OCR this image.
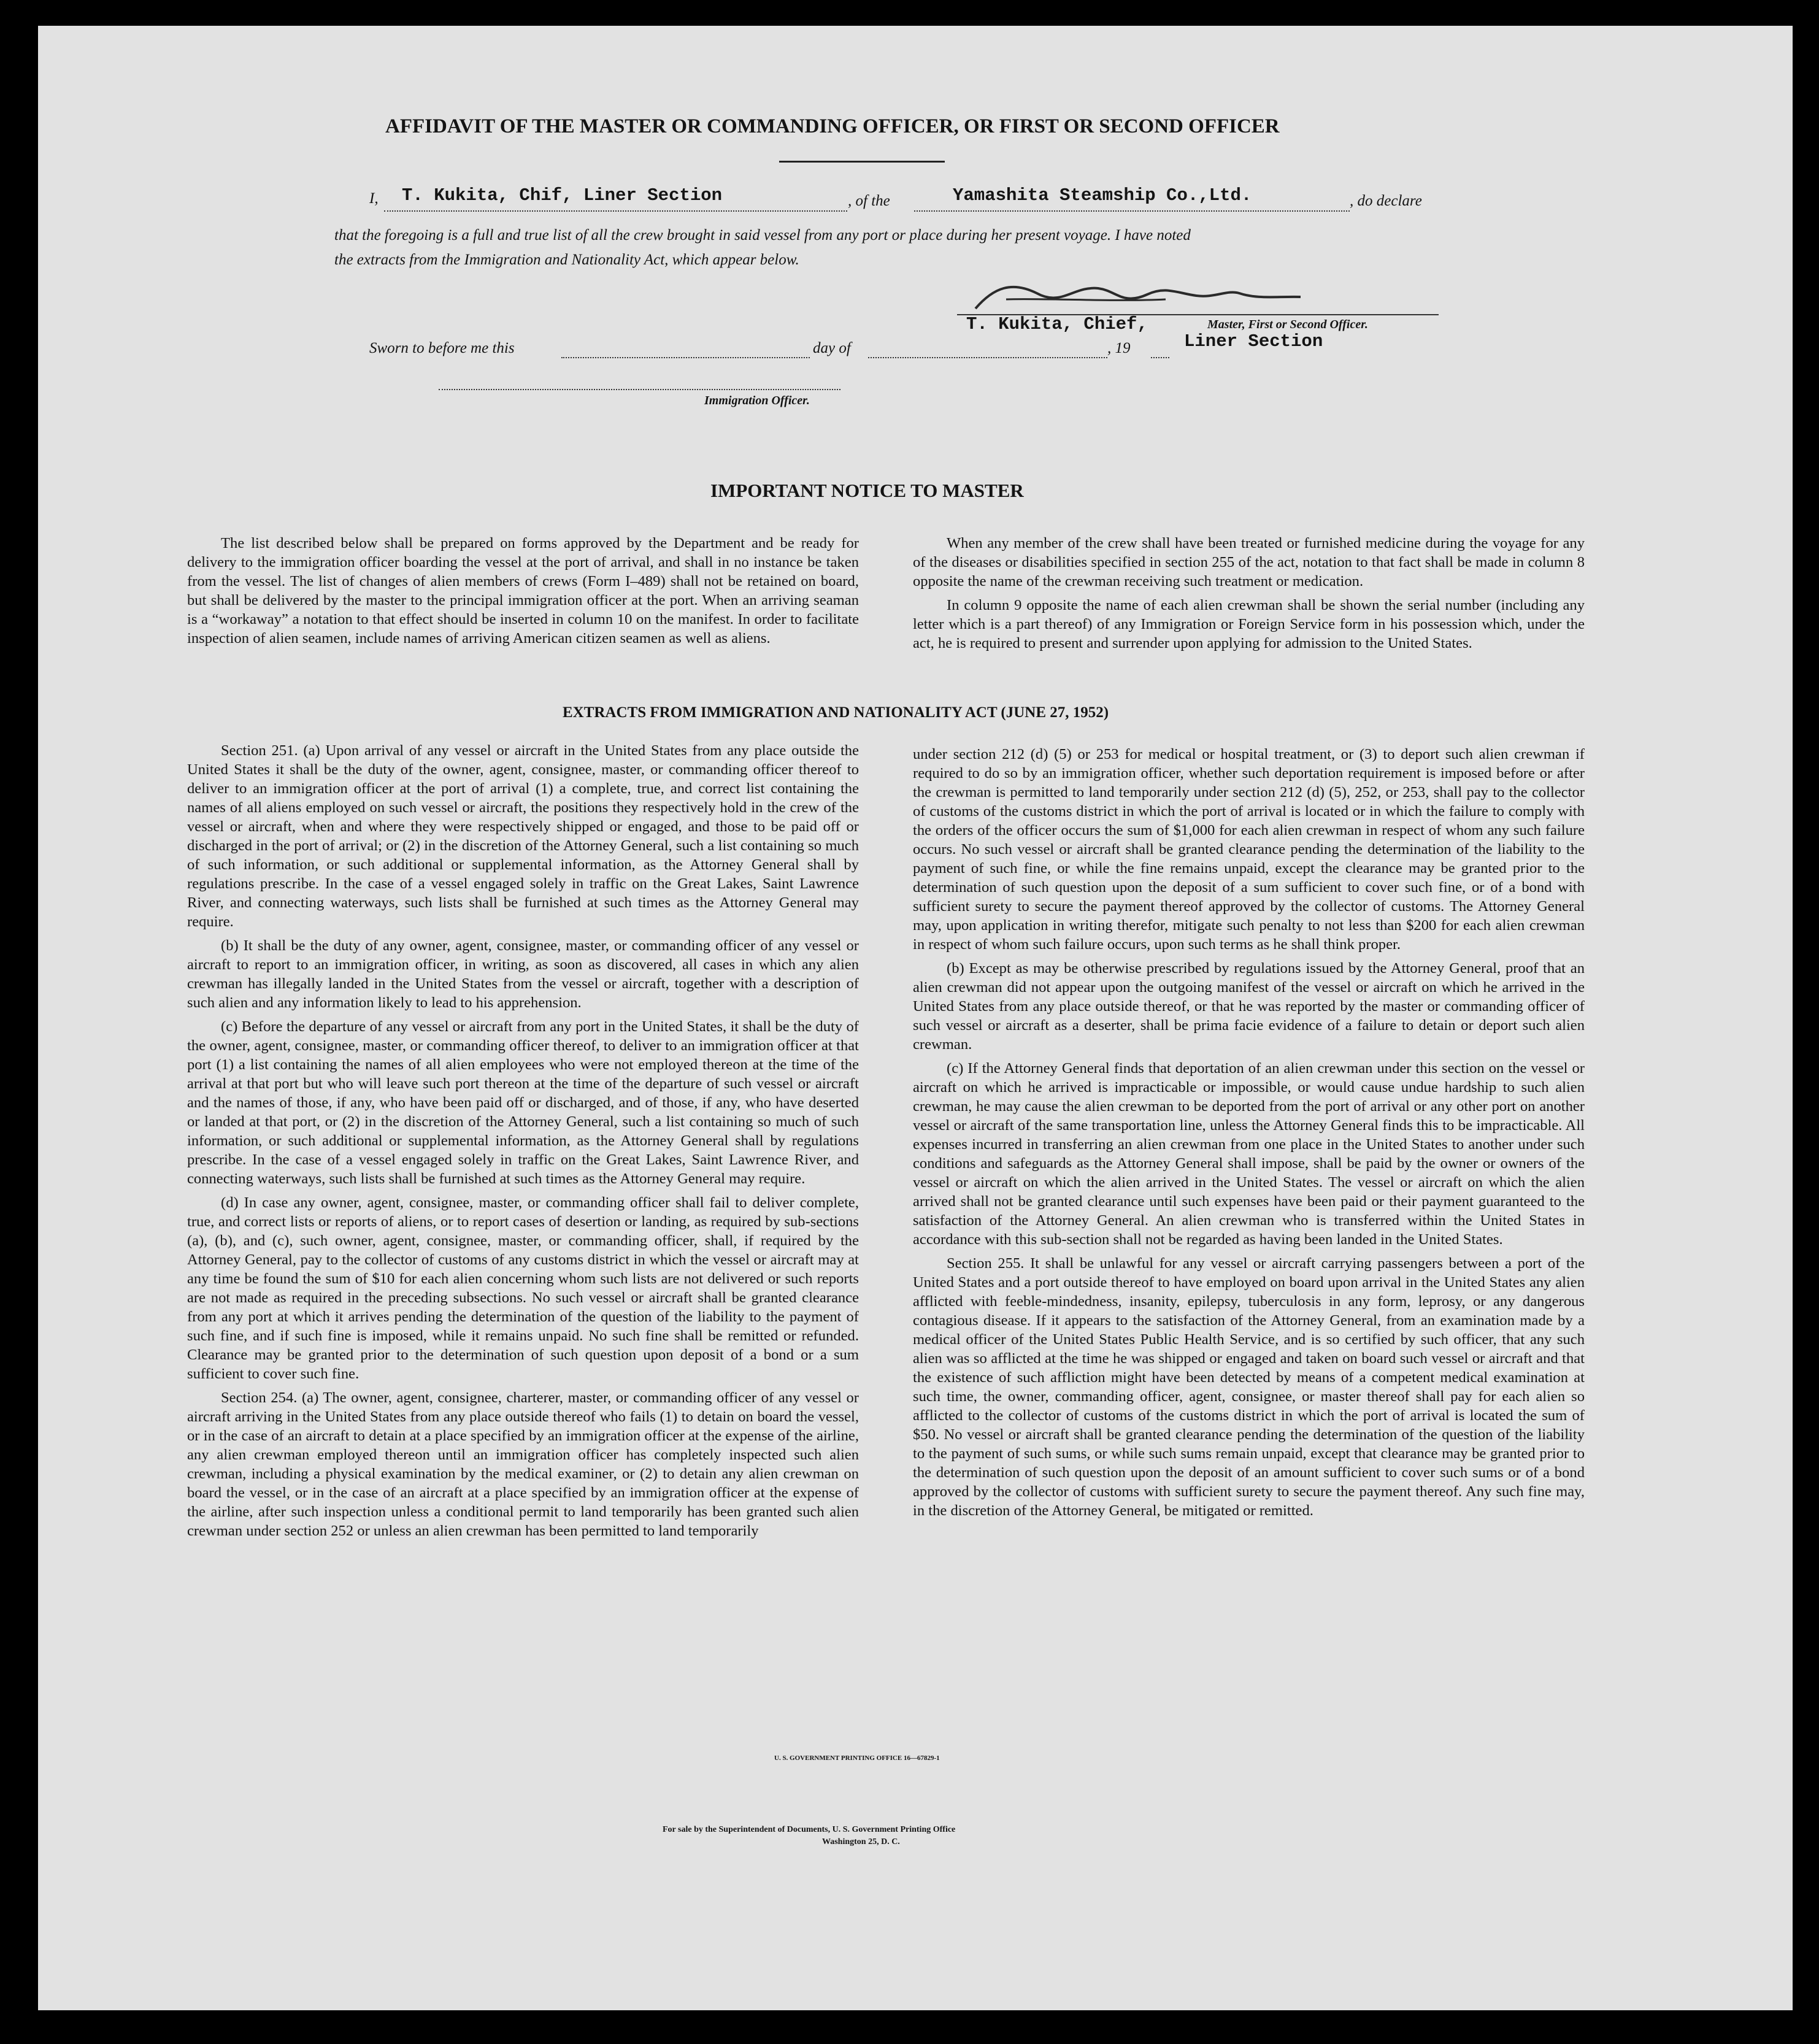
AFFIDAVIT OF THE MASTER OR COMMANDING OFFICER, OR FIRST OR SECOND OFFICER
I, T. Kukita, Chif, Liner Section	, of the	Yamashita Steamship Co.,Ltd.	, do declare
that the foregoing is a full and true list of all the crew brought in said vessel from any port or place during her present voyage. I have noted
the extracts from the Immigration and Nationality Act, which appear below.
T. Kukita, Chief,	Master, First or Second Officer.
Liner Section
Sworn to before me this	day of	, 19
Immigration Officer.
IMPORTANT NOTICE TO MASTER

The list described below shall be prepared on forms approved by the Department and be ready for delivery to the immigration officer boarding the vessel at the port of arrival, and shall in no instance be taken from the vessel. The list of changes of alien members of crews (Form I–489) shall not be retained on board, but shall be delivered by the master to the principal immigration officer at the port. When an arriving seaman is a “workaway” a notation to that effect should be inserted in column 10 on the manifest. In order to facilitate inspection of alien seamen, include names of arriving American citizen seamen as well as aliens.

When any member of the crew shall have been treated or furnished medicine during the voyage for any of the diseases or disabilities specified in section 255 of the act, notation to that fact shall be made in column 8 opposite the name of the crewman receiving such treatment or medication.

In column 9 opposite the name of each alien crewman shall be shown the serial number (including any letter which is a part thereof) of any Immigration or Foreign Service form in his possession which, under the act, he is required to present and surrender upon applying for admission to the United States.

EXTRACTS FROM IMMIGRATION AND NATIONALITY ACT (JUNE 27, 1952)

Section 251. (a) Upon arrival of any vessel or aircraft in the United States from any place outside the United States it shall be the duty of the owner, agent, consignee, master, or commanding officer thereof to deliver to an immigration officer at the port of arrival (1) a complete, true, and correct list containing the names of all aliens employed on such vessel or aircraft, the positions they respectively hold in the crew of the vessel or aircraft, when and where they were respectively shipped or engaged, and those to be paid off or discharged in the port of arrival; or (2) in the discretion of the Attorney General, such a list containing so much of such information, or such additional or supplemental information, as the Attorney General shall by regulations prescribe. In the case of a vessel engaged solely in traffic on the Great Lakes, Saint Lawrence River, and connecting waterways, such lists shall be furnished at such times as the Attorney General may require.

(b) It shall be the duty of any owner, agent, consignee, master, or commanding officer of any vessel or aircraft to report to an immigration officer, in writing, as soon as discovered, all cases in which any alien crewman has illegally landed in the United States from the vessel or aircraft, together with a description of such alien and any information likely to lead to his apprehension.

(c) Before the departure of any vessel or aircraft from any port in the United States, it shall be the duty of the owner, agent, consignee, master, or commanding officer thereof, to deliver to an immigration officer at that port (1) a list containing the names of all alien employees who were not employed thereon at the time of the arrival at that port but who will leave such port thereon at the time of the departure of such vessel or aircraft and the names of those, if any, who have been paid off or discharged, and of those, if any, who have deserted or landed at that port, or (2) in the discretion of the Attorney General, such a list containing so much of such information, or such additional or supplemental information, as the Attorney General shall by regulations prescribe. In the case of a vessel engaged solely in traffic on the Great Lakes, Saint Lawrence River, and connecting waterways, such lists shall be furnished at such times as the Attorney General may require.

(d) In case any owner, agent, consignee, master, or commanding officer shall fail to deliver complete, true, and correct lists or reports of aliens, or to report cases of desertion or landing, as required by sub-sections (a), (b), and (c), such owner, agent, consignee, master, or commanding officer, shall, if required by the Attorney General, pay to the collector of customs of any customs district in which the vessel or aircraft may at any time be found the sum of $10 for each alien concerning whom such lists are not delivered or such reports are not made as required in the preceding subsections. No such vessel or aircraft shall be granted clearance from any port at which it arrives pending the determination of the question of the liability to the payment of such fine, and if such fine is imposed, while it remains unpaid. No such fine shall be remitted or refunded. Clearance may be granted prior to the determination of such question upon deposit of a bond or a sum sufficient to cover such fine.

Section 254. (a) The owner, agent, consignee, charterer, master, or commanding officer of any vessel or aircraft arriving in the United States from any place outside thereof who fails (1) to detain on board the vessel, or in the case of an aircraft to detain at a place specified by an immigration officer at the expense of the airline, any alien crewman employed thereon until an immigration officer has completely inspected such alien crewman, including a physical examination by the medical examiner, or (2) to detain any alien crewman on board the vessel, or in the case of an aircraft at a place specified by an immigration officer at the expense of the airline, after such inspection unless a conditional permit to land temporarily has been granted such alien crewman under section 252 or unless an alien crewman has been permitted to land temporarily

under section 212 (d) (5) or 253 for medical or hospital treatment, or (3) to deport such alien crewman if required to do so by an immigration officer, whether such deportation requirement is imposed before or after the crewman is permitted to land temporarily under section 212 (d) (5), 252, or 253, shall pay to the collector of customs of the customs district in which the port of arrival is located or in which the failure to comply with the orders of the officer occurs the sum of $1,000 for each alien crewman in respect of whom any such failure occurs. No such vessel or aircraft shall be granted clearance pending the determination of the liability to the payment of such fine, or while the fine remains unpaid, except the clearance may be granted prior to the determination of such question upon the deposit of a sum sufficient to cover such fine, or of a bond with sufficient surety to secure the payment thereof approved by the collector of customs. The Attorney General may, upon application in writing therefor, mitigate such penalty to not less than $200 for each alien crewman in respect of whom such failure occurs, upon such terms as he shall think proper.

(b) Except as may be otherwise prescribed by regulations issued by the Attorney General, proof that an alien crewman did not appear upon the outgoing manifest of the vessel or aircraft on which he arrived in the United States from any place outside thereof, or that he was reported by the master or commanding officer of such vessel or aircraft as a deserter, shall be prima facie evidence of a failure to detain or deport such alien crewman.

(c) If the Attorney General finds that deportation of an alien crewman under this section on the vessel or aircraft on which he arrived is impracticable or impossible, or would cause undue hardship to such alien crewman, he may cause the alien crewman to be deported from the port of arrival or any other port on another vessel or aircraft of the same transportation line, unless the Attorney General finds this to be impracticable. All expenses incurred in transferring an alien crewman from one place in the United States to another under such conditions and safeguards as the Attorney General shall impose, shall be paid by the owner or owners of the vessel or aircraft on which the alien arrived in the United States. The vessel or aircraft on which the alien arrived shall not be granted clearance until such expenses have been paid or their payment guaranteed to the satisfaction of the Attorney General. An alien crewman who is transferred within the United States in accordance with this sub-section shall not be regarded as having been landed in the United States.

Section 255. It shall be unlawful for any vessel or aircraft carrying passengers between a port of the United States and a port outside thereof to have employed on board upon arrival in the United States any alien afflicted with feeble-mindedness, insanity, epilepsy, tuberculosis in any form, leprosy, or any dangerous contagious disease. If it appears to the satisfaction of the Attorney General, from an examination made by a medical officer of the United States Public Health Service, and is so certified by such officer, that any such alien was so afflicted at the time he was shipped or engaged and taken on board such vessel or aircraft and that the existence of such affliction might have been detected by means of a competent medical examination at such time, the owner, commanding officer, agent, consignee, or master thereof shall pay for each alien so afflicted to the collector of customs of the customs district in which the port of arrival is located the sum of $50. No vessel or aircraft shall be granted clearance pending the determination of the question of the liability to the payment of such sums, or while such sums remain unpaid, except that clearance may be granted prior to the determination of such question upon the deposit of an amount sufficient to cover such sums or of a bond approved by the collector of customs with sufficient surety to secure the payment thereof. Any such fine may, in the discretion of the Attorney General, be mitigated or remitted.

U. S. GOVERNMENT PRINTING OFFICE 16—67829-1
For sale by the Superintendent of Documents, U. S. Government Printing Office
Washington 25, D. C.
